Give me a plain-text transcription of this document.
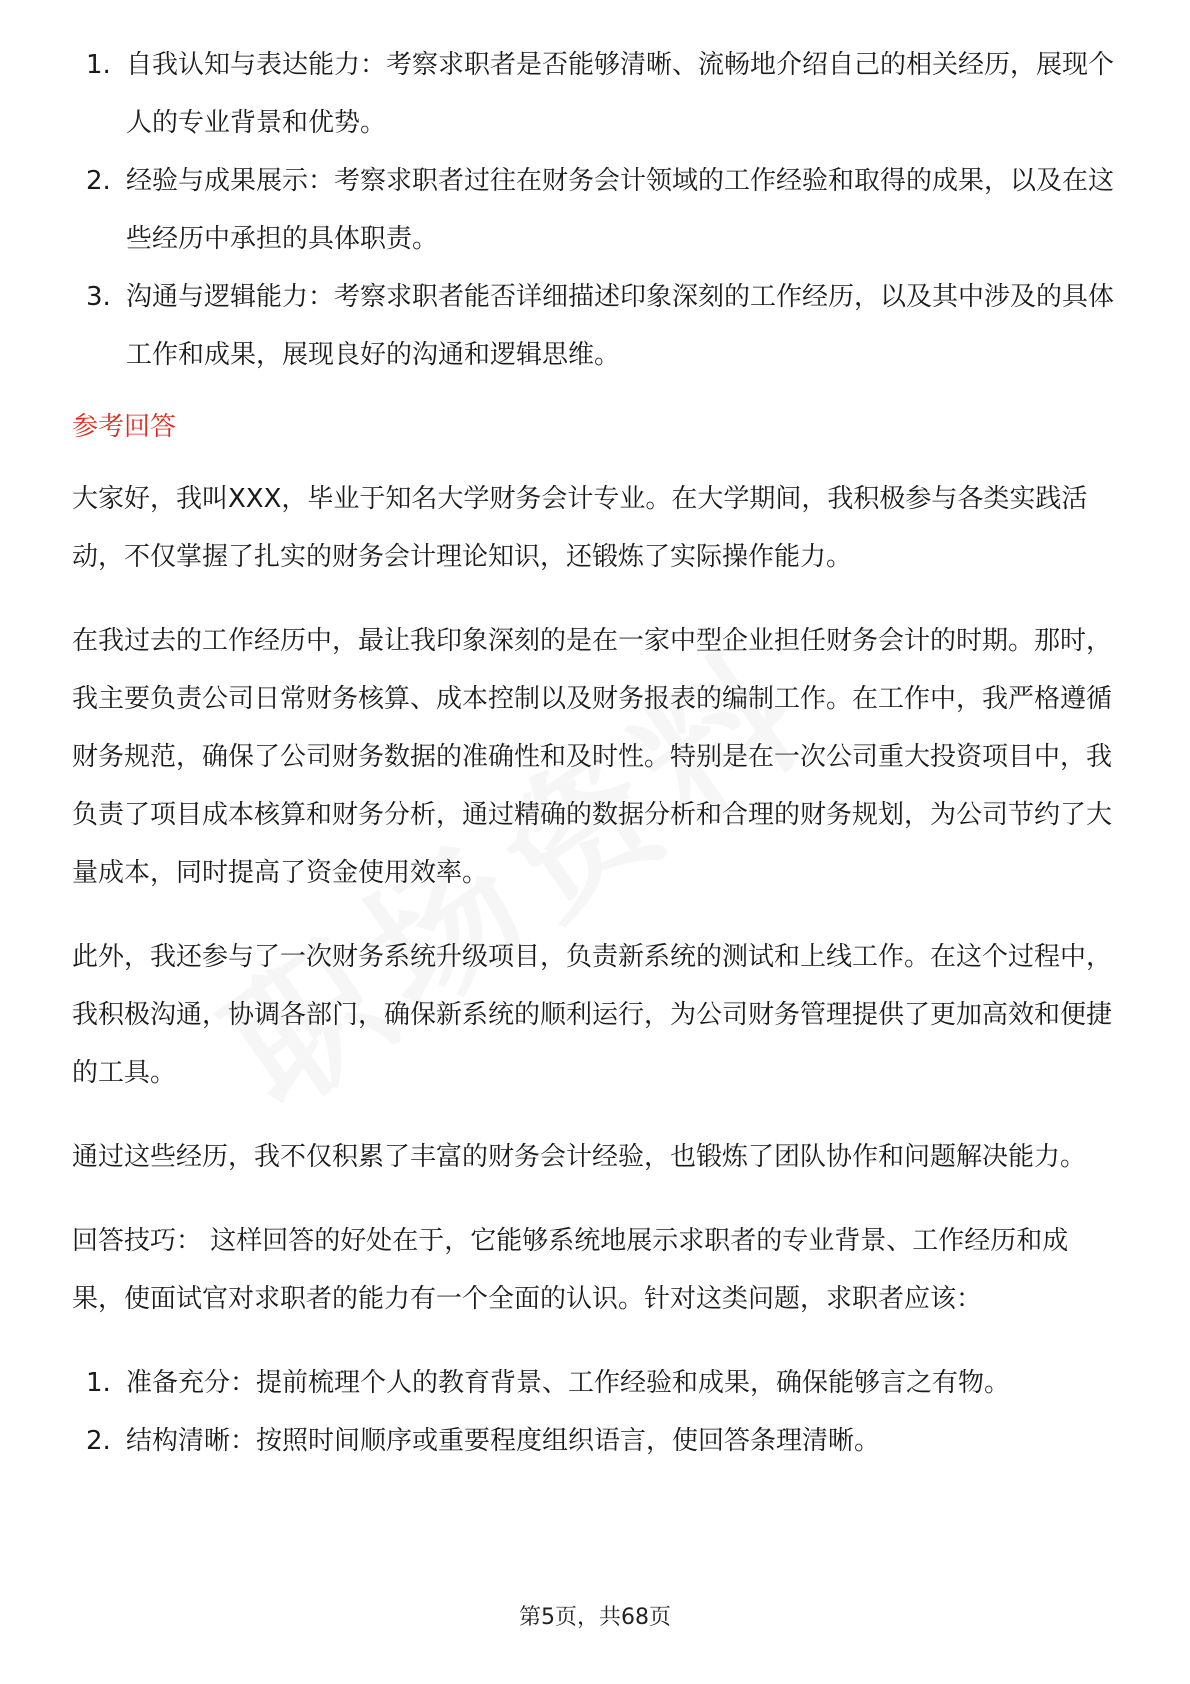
1. 自我认知与表达能力：考察求职者是否能够清晰、流畅地介绍自己的相关经历，展现个人的专业背景和优势。
2. 经验与成果展示：考察求职者过往在财务会计领域的工作经验和取得的成果，以及在这些经历中承担的具体职责。
3. 沟通与逻辑能力：考察求职者能否详细描述印象深刻的工作经历，以及其中涉及的具体工作和成果，展现良好的沟通和逻辑思维。
参考回答

大家好，我叫XXX，毕业于知名大学财务会计专业。在大学期间，我积极参与各类实践活动，不仅掌握了扎实的财务会计理论知识，还锻炼了实际操作能力。

在我过去的工作经历中，最让我印象深刻的是在一家中型企业担任财务会计的时期。那时，我主要负责公司日常财务核算、成本控制以及财务报表的编制工作。在工作中，我严格遵循财务规范，确保了公司财务数据的准确性和及时性。特别是在一次公司重大投资项目中，我负责了项目成本核算和财务分析，通过精确的数据分析和合理的财务规划，为公司节约了大量成本，同时提高了资金使用效率。

此外，我还参与了一次财务系统升级项目，负责新系统的测试和上线工作。在这个过程中，我积极沟通，协调各部门，确保新系统的顺利运行，为公司财务管理提供了更加高效和便捷的工具。

通过这些经历，我不仅积累了丰富的财务会计经验，也锻炼了团队协作和问题解决能力。

回答技巧： 这样回答的好处在于，它能够系统地展示求职者的专业背景、工作经历和成果，使面试官对求职者的能力有一个全面的认识。针对这类问题，求职者应该：

1. 准备充分：提前梳理个人的教育背景、工作经验和成果，确保能够言之有物。
2. 结构清晰：按照时间顺序或重要程度组织语言，使回答条理清晰。
第5页，共68页
